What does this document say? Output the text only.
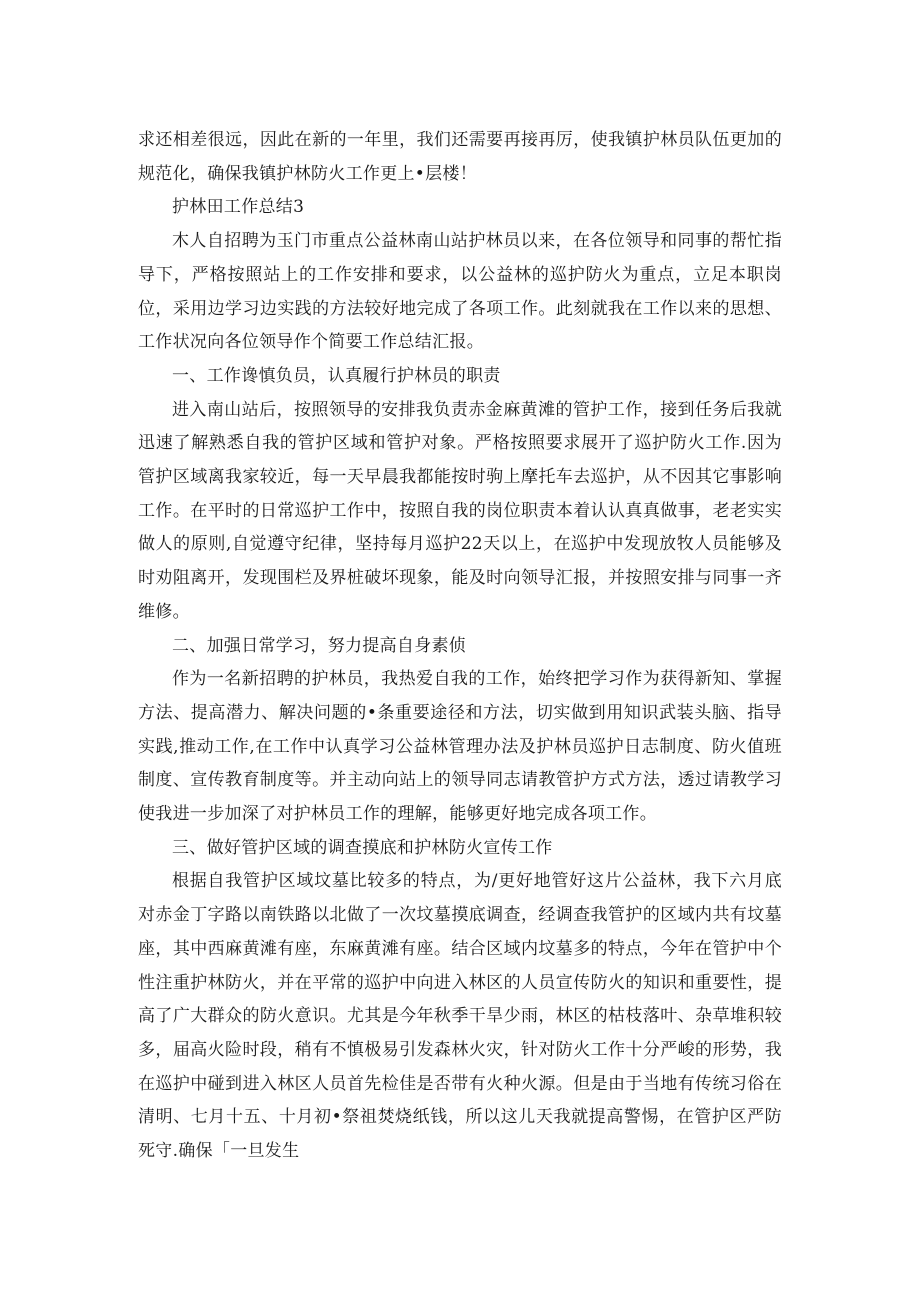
求还相差很远，因此在新的一年里，我们还需要再接再厉，使我镇护林员队伍更加的规范化，确保我镇护林防火工作更上•层楼！

护林田工作总结3

木人自招聘为玉门市重点公益林南山站护林员以来，在各位领导和同事的帮忙指导下，严格按照站上的工作安排和要求，以公益林的巡护防火为重点，立足本职岗位，采用边学习边实践的方法较好地完成了各项工作。此刻就我在工作以来的思想、工作状况向各位领导作个简要工作总结汇报。

一、工作谗慎负员，认真履行护林员的职责

进入南山站后，按照领导的安排我负责赤金麻黄滩的管护工作，接到任务后我就迅速了解熟悉自我的管护区域和管护对象。严格按照要求展开了巡护防火工作.因为管护区域离我家较近，每一天早晨我都能按时驹上摩托车去巡护，从不因其它事影响工作。在平时的日常巡护工作中，按照自我的岗位职责本着认认真真做事，老老实实做人的原则,自觉遵守纪律，坚持每月巡护22天以上，在巡护中发现放牧人员能够及时劝阻离开，发现围栏及界桩破坏现象，能及时向领导汇报，并按照安排与同事一齐维修。

二、加强日常学习，努力提高自身素侦

作为一名新招聘的护林员，我热爱自我的工作，始终把学习作为获得新知、掌握方法、提高潜力、解决问题的•条重要途径和方法，切实做到用知识武装头脑、指导实践,推动工作,在工作中认真学习公益林管理办法及护林员巡护日志制度、防火值班制度、宣传教育制度等。并主动向站上的领导同志请教管护方式方法，透过请教学习使我进一步加深了对护林员工作的理解，能够更好地完成各项工作。

三、做好管护区域的调查摸底和护林防火宣传工作

根据自我管护区域坟墓比较多的特点，为/更好地管好这片公益林，我下六月底对赤金丁字路以南铁路以北做了一次坟墓摸底调查，经调查我管护的区域内共有坟墓座，其中西麻黄滩有座，东麻黄滩有座。结合区域内坟墓多的特点，今年在管护中个性注重护林防火，并在平常的巡护中向进入林区的人员宣传防火的知识和重要性，提高了广大群众的防火意识。尤其是今年秋季干旱少雨，林区的枯枝落叶、杂草堆积较多，届高火险时段，稍有不慎极易引发森林火灾，针对防火工作十分严峻的形势，我在巡护中碰到进入林区人员首先检佳是否带有火种火源。但是由于当地有传统习俗在清明、七月十五、十月初•祭祖焚烧纸钱，所以这儿天我就提高警惕，在管护区严防死守.确保「一旦发生
